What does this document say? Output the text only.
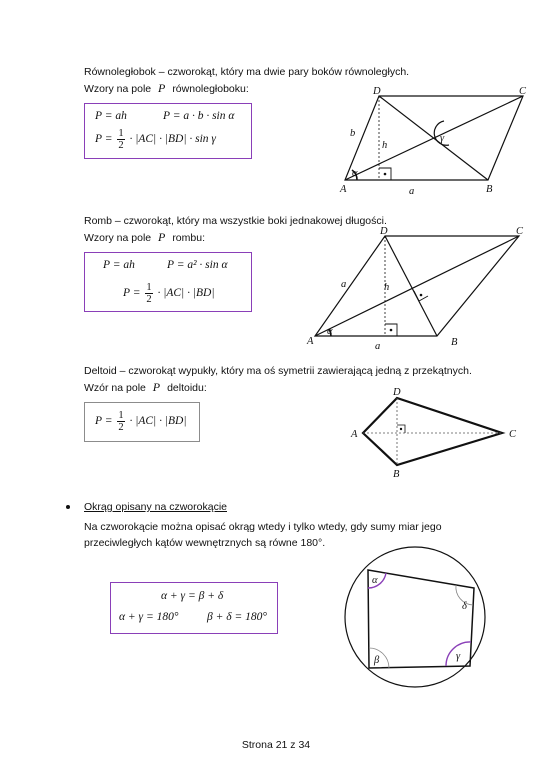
Równoległobok – czworokąt, który ma dwie pary boków równoległych.
Wzory na pole P równoległoboku:
P = ah	P = a · b · sin α
$P = \frac{1}{2} \cdot |AC| \cdot |BD| \cdot \sin \gamma$
D	C
A	B
a
b
h
α
γ
Romb – czworokąt, który ma wszystkie boki jednakowej długości.
Wzory na pole P rombu:
P = ah	P = a² · sin α
$P = \frac{1}{2} \cdot |AC| \cdot |BD|$
D	C
A	B
a
a
h
α
Deltoid – czworokąt wypukły, który ma oś symetrii zawierającą jedną z przekątnych.
Wzór na pole P deltoidu:
$P = \frac{1}{2} \cdot |AC| \cdot |BD|$
D
C
A
B
Okrąg opisany na czworokącie
Na czworokącie można opisać okrąg wtedy i tylko wtedy, gdy sumy miar jego
przeciwległych kątów wewnętrznych są równe 180°.
α + γ = β + δ
α + γ = 180° β + δ = 180°
α
β	γ
δ
Strona 21 z 34
